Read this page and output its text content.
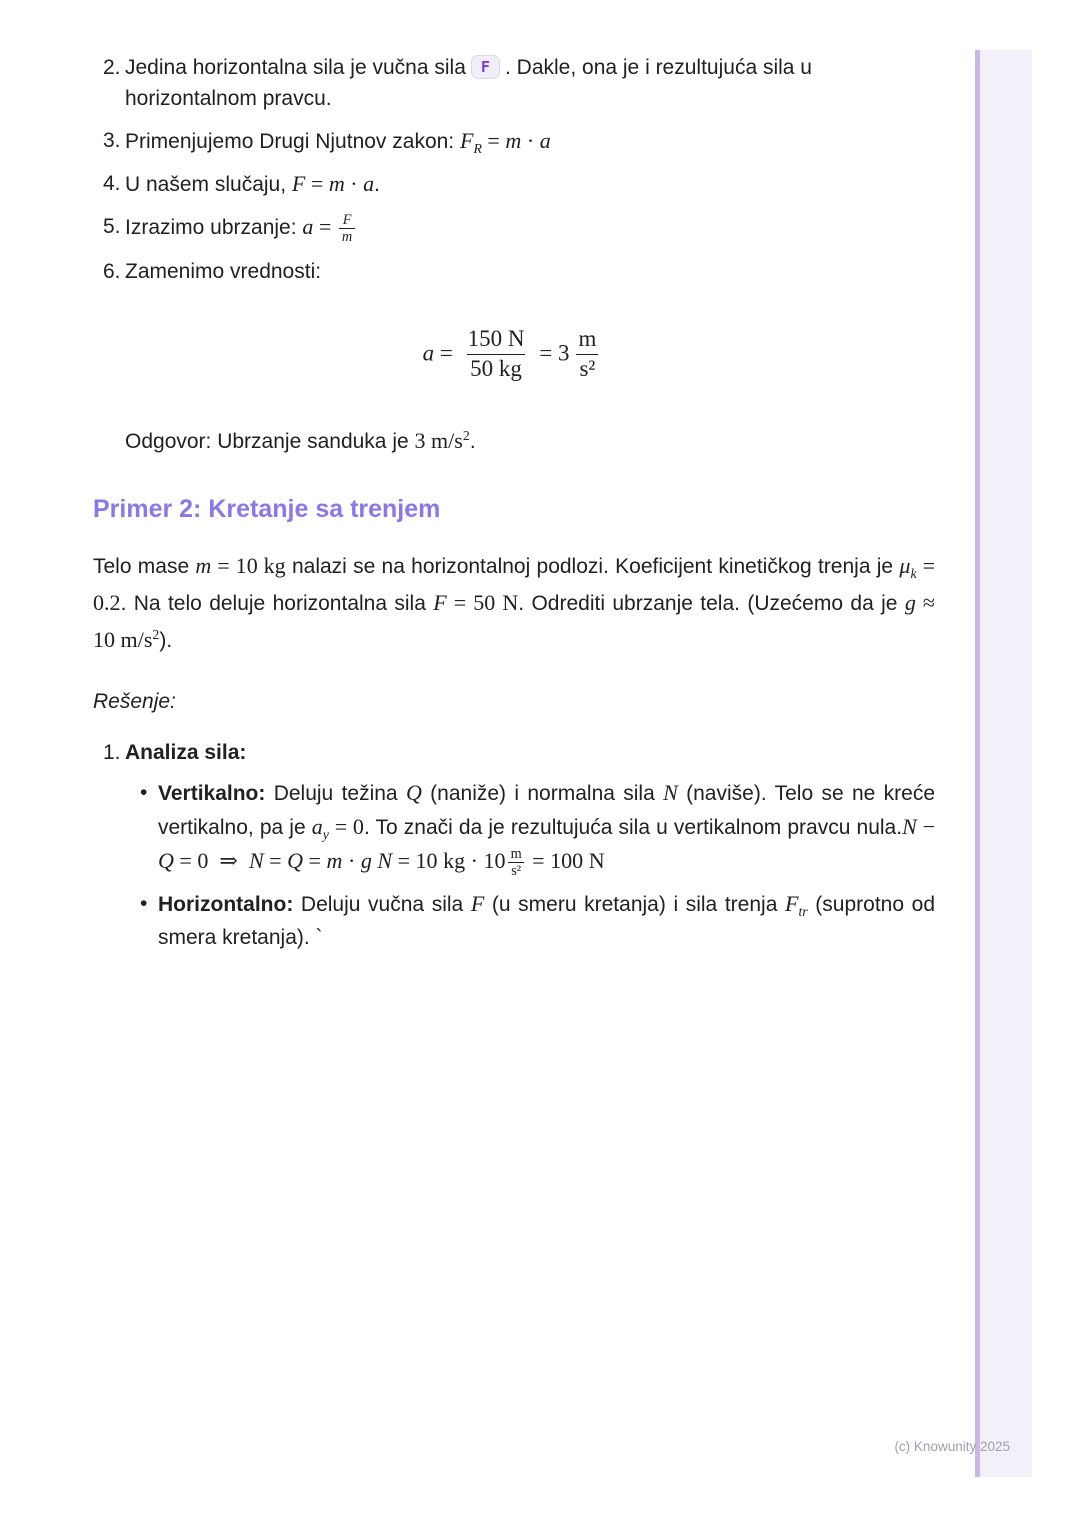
2. Jedina horizontalna sila je vučna sila F . Dakle, ona je i rezultujuća sila u horizontalnom pravcu.
3. Primenjujemo Drugi Njutnov zakon: $F_R = m \cdot a$
4. U našem slučaju, F = m · a.
5. Izrazimo ubrzanje: $a = \frac{F}{m}$
6. Zamenimo vrednosti:
$a = \frac{150 N}{50 kg} = 3 \frac{m}{\text{s²}}$

Odgovor: Ubrzanje sanduka je 3 $m/s^2$.

Primer 2: Kretanje sa trenjem

Telo mase m = 10 kg nalazi se na horizontalnoj podlozi. Koeficijent kinetičkog trenja je $\mu_k = 0.2$. Na telo deluje horizontalna sila F = 50 N. Odrediti ubrzanje tela. (Uzećemo da je g ≈ 10 $m/s^2$).

Rešenje:

1. Analiza sila:
• Vertikalno: Deluju težina Q (naniže) i normalna sila N (naviše). Telo se ne kreće vertikalno, pa je $a_y = 0$. To znači da je rezultujuća sila u vertikalnom pravcu nula.N − Q = 0  ⇒  N = Q = m · g N = 10 kg · $10 \frac{m}{\text{s²}} = 100$ N
• Horizontalno: Deluju vučna sila F (u smeru kretanja) i sila trenja $F_{tr}$ (suprotno od smera kretanja). `
(c) Knowunity 2025
